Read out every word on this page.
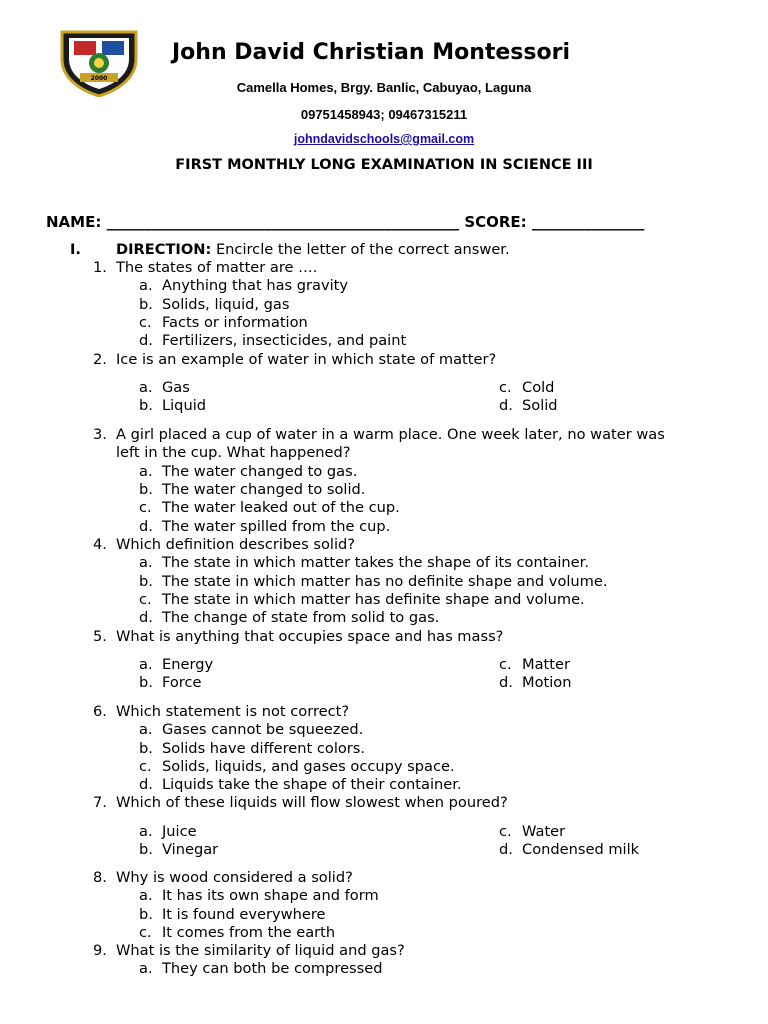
2000
John David Christian Montessori
Camella Homes, Brgy. Banlic, Cabuyao, Laguna
09751458943; 09467315211
johndavidschools@gmail.com
FIRST MONTHLY LONG EXAMINATION IN SCIENCE III
NAME: _______________________________________________ SCORE: _______________
I. DIRECTION: Encircle the letter of the correct answer.
1. The states of matter are ….
a. Anything that has gravity
b. Solids, liquid, gas
c. Facts or information
d. Fertilizers, insecticides, and paint
2. Ice is an example of water in which state of matter?
a. Gas
b. Liquid
c. Cold
d. Solid
3. A girl placed a cup of water in a warm place. One week later, no water was
left in the cup. What happened?
a. The water changed to gas.
b. The water changed to solid.
c. The water leaked out of the cup.
d. The water spilled from the cup.
4. Which definition describes solid?
a. The state in which matter takes the shape of its container.
b. The state in which matter has no definite shape and volume.
c. The state in which matter has definite shape and volume.
d. The change of state from solid to gas.
5. What is anything that occupies space and has mass?
a. Energy
b. Force
c. Matter
d. Motion
6. Which statement is not correct?
a. Gases cannot be squeezed.
b. Solids have different colors.
c. Solids, liquids, and gases occupy space.
d. Liquids take the shape of their container.
7. Which of these liquids will flow slowest when poured?
a. Juice
b. Vinegar
c. Water
d. Condensed milk
8. Why is wood considered a solid?
a. It has its own shape and form
b. It is found everywhere
c. It comes from the earth
9. What is the similarity of liquid and gas?
a. They can both be compressed
